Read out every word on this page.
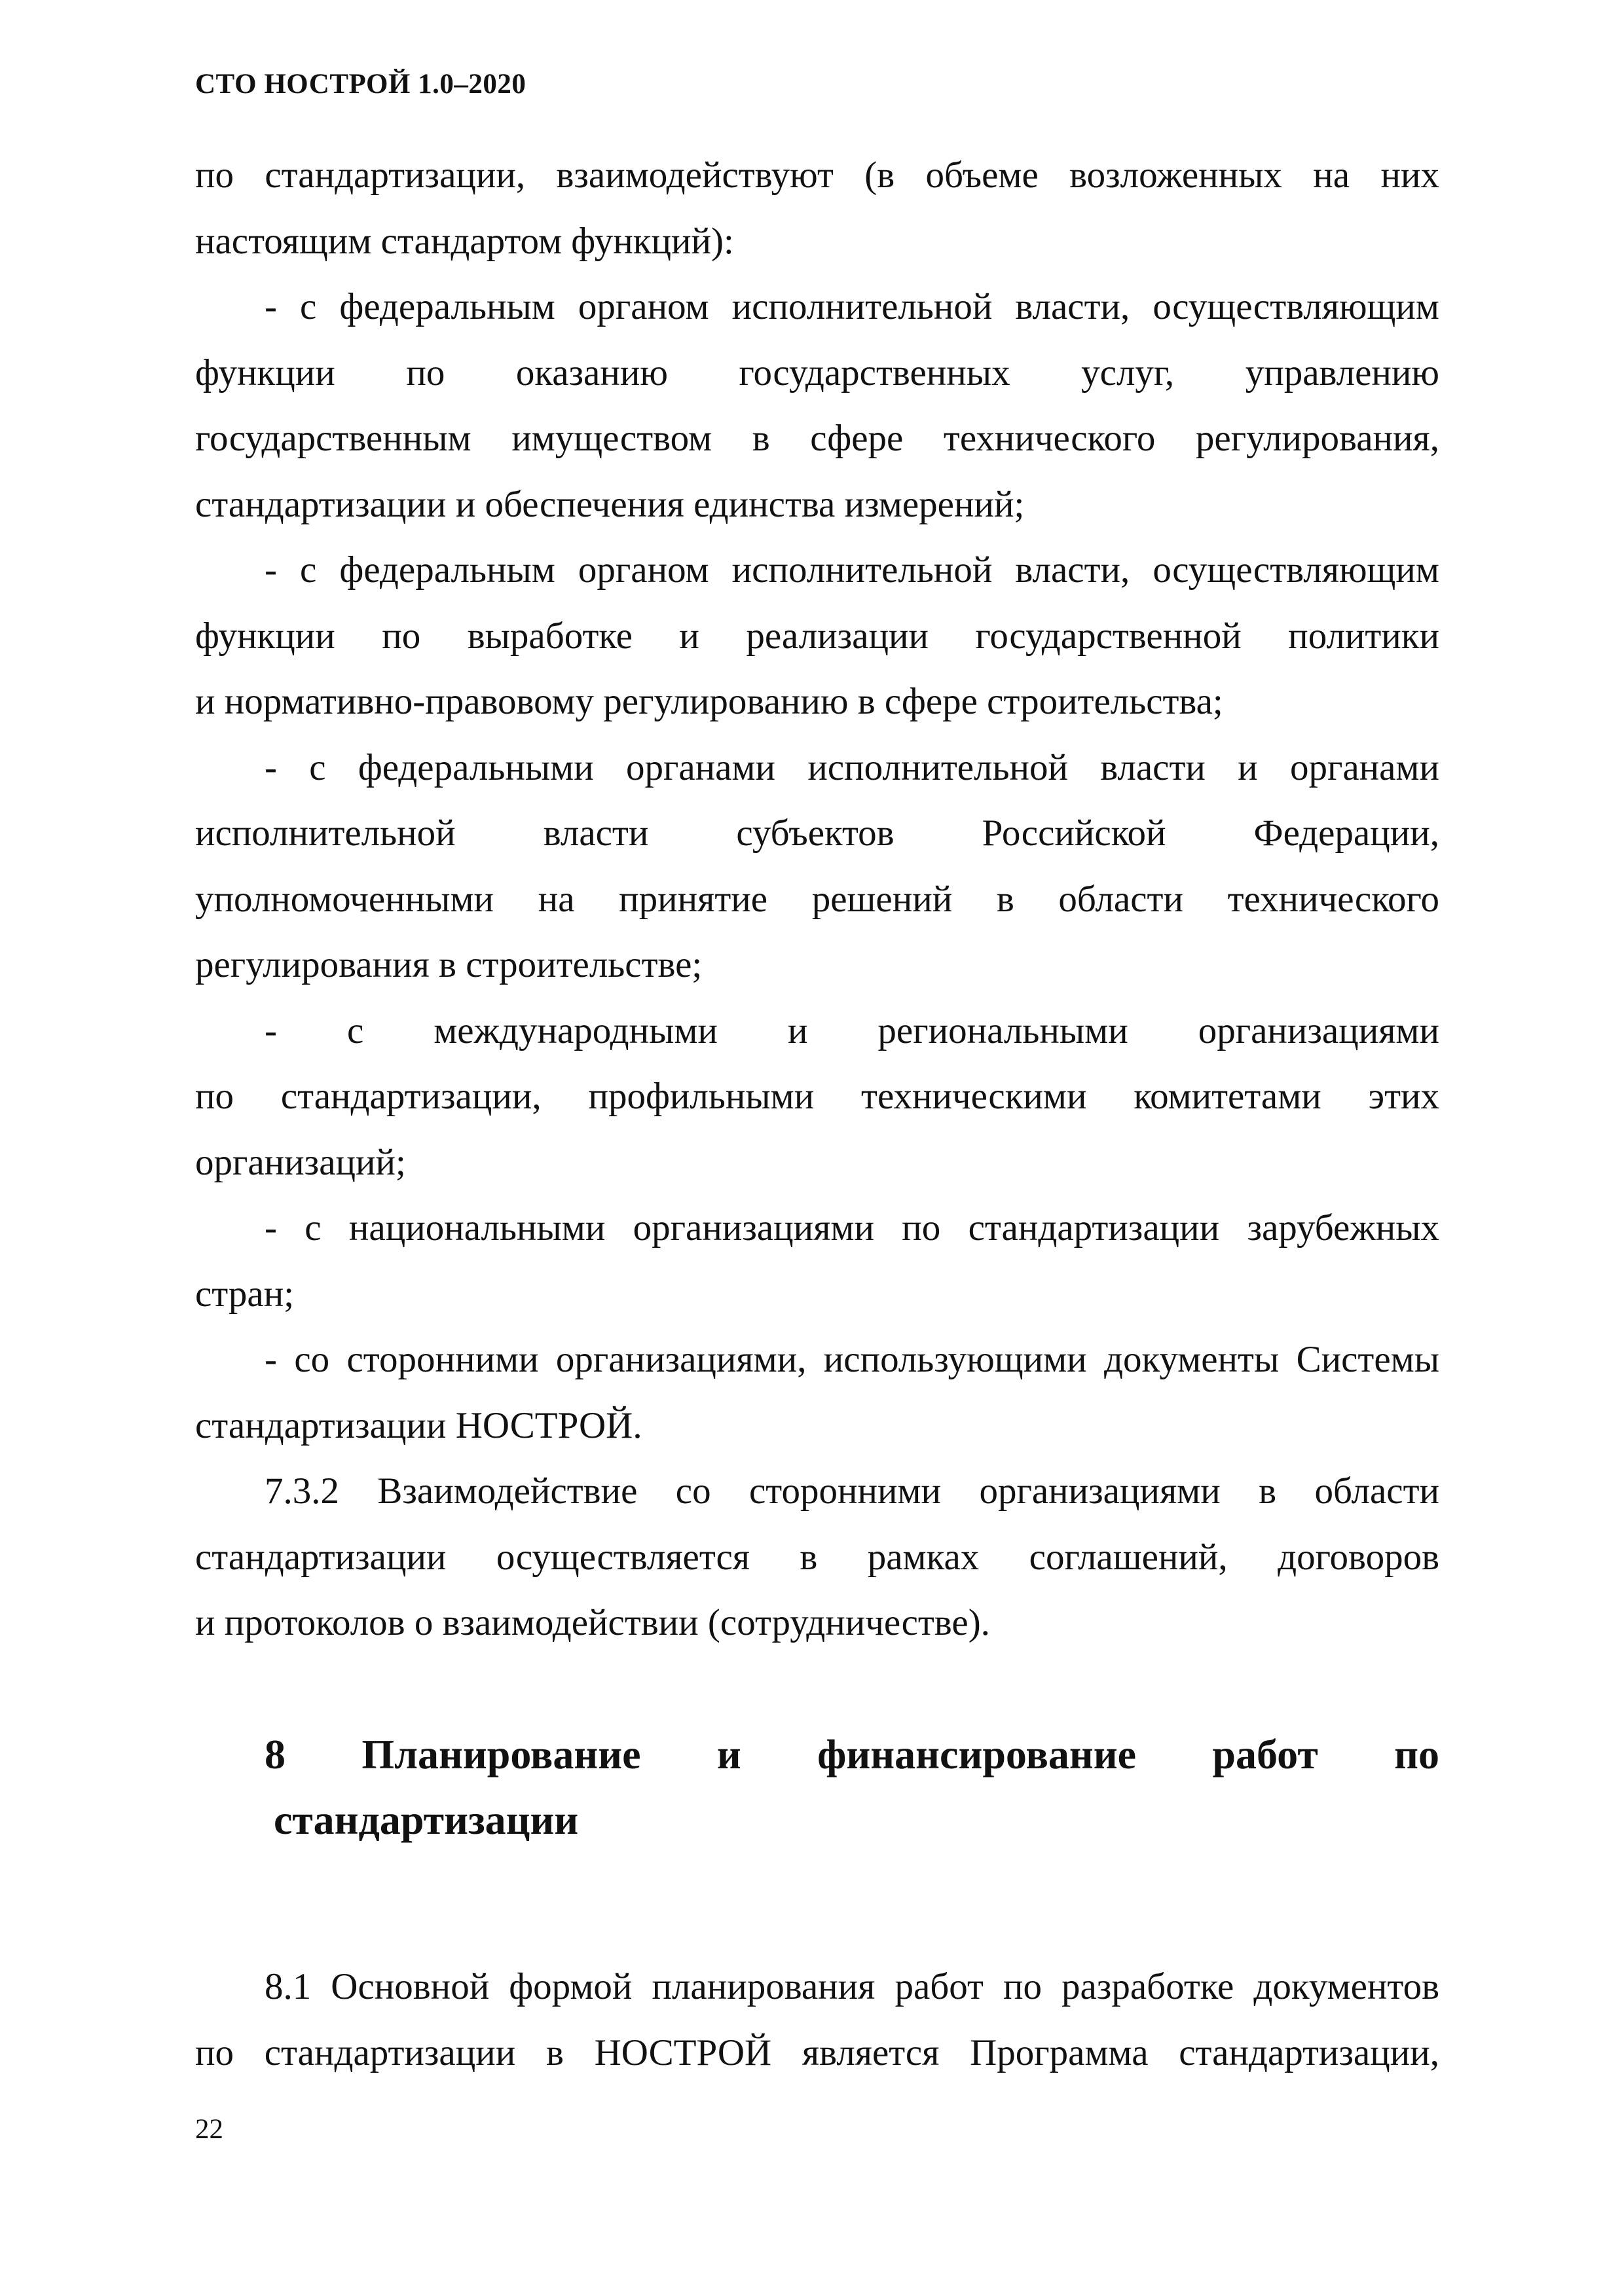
СТО НОСТРОЙ 1.0–2020

по стандартизации, взаимодействуют (в объеме возложенных на них
настоящим стандартом функций):

- с федеральным органом исполнительной власти, осуществляющим
функции по оказанию государственных услуг, управлению
государственным имуществом в сфере технического регулирования,
стандартизации и обеспечения единства измерений;

- с федеральным органом исполнительной власти, осуществляющим
функции по выработке и реализации государственной политики
и нормативно-правовому регулированию в сфере строительства;

- с федеральными органами исполнительной власти и органами
исполнительной власти субъектов Российской Федерации,
уполномоченными на принятие решений в области технического
регулирования в строительстве;

- с международными и региональными организациями
по стандартизации, профильными техническими комитетами этих
организаций;

- с национальными организациями по стандартизации зарубежных
стран;

- со сторонними организациями, использующими документы Системы
стандартизации НОСТРОЙ.

7.3.2 Взаимодействие со сторонними организациями в области
стандартизации осуществляется в рамках соглашений, договоров
и протоколов о взаимодействии (сотрудничестве).

8 Планирование и финансирование работ по
стандартизации

8.1 Основной формой планирования работ по разработке документов
по стандартизации в НОСТРОЙ является Программа стандартизации,

22
